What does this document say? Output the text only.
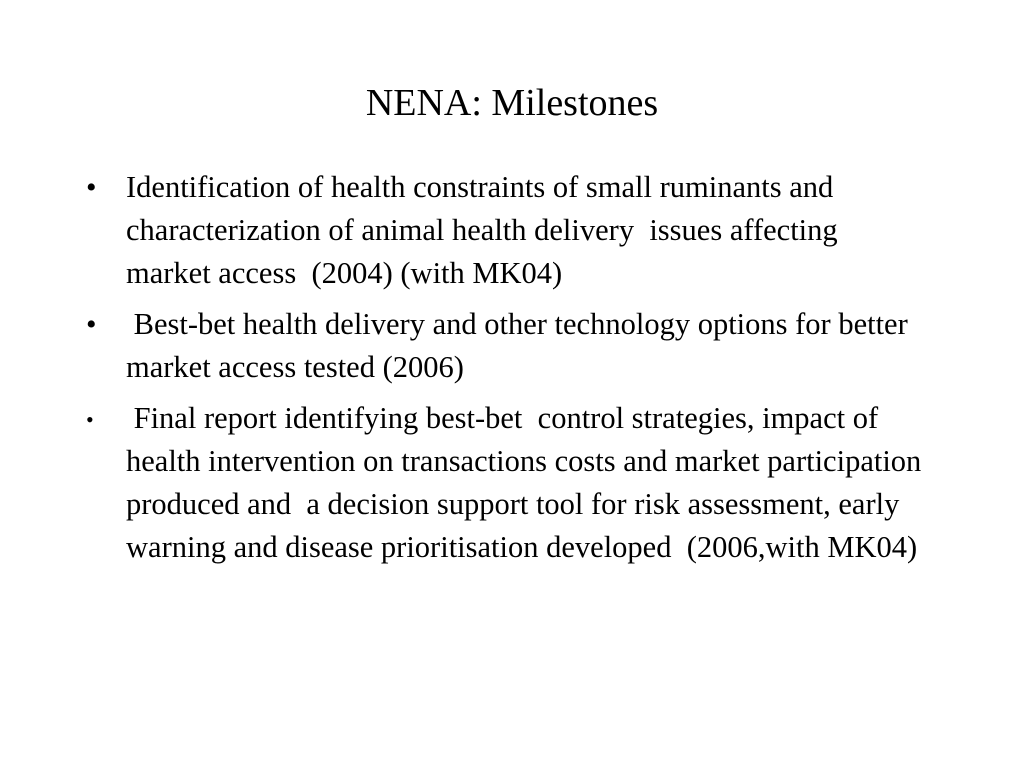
NENA: Milestones
• Identification of health constraints of small ruminants and characterization of animal health delivery  issues affecting market access  (2004) (with MK04)
• Best-bet health delivery and other technology options for better market access tested (2006)
•	Final report identifying best-bet  control strategies, impact of health intervention on transactions costs and market participation produced and  a decision support tool for risk assessment, early warning and disease prioritisation developed  (2006,with MK04)
